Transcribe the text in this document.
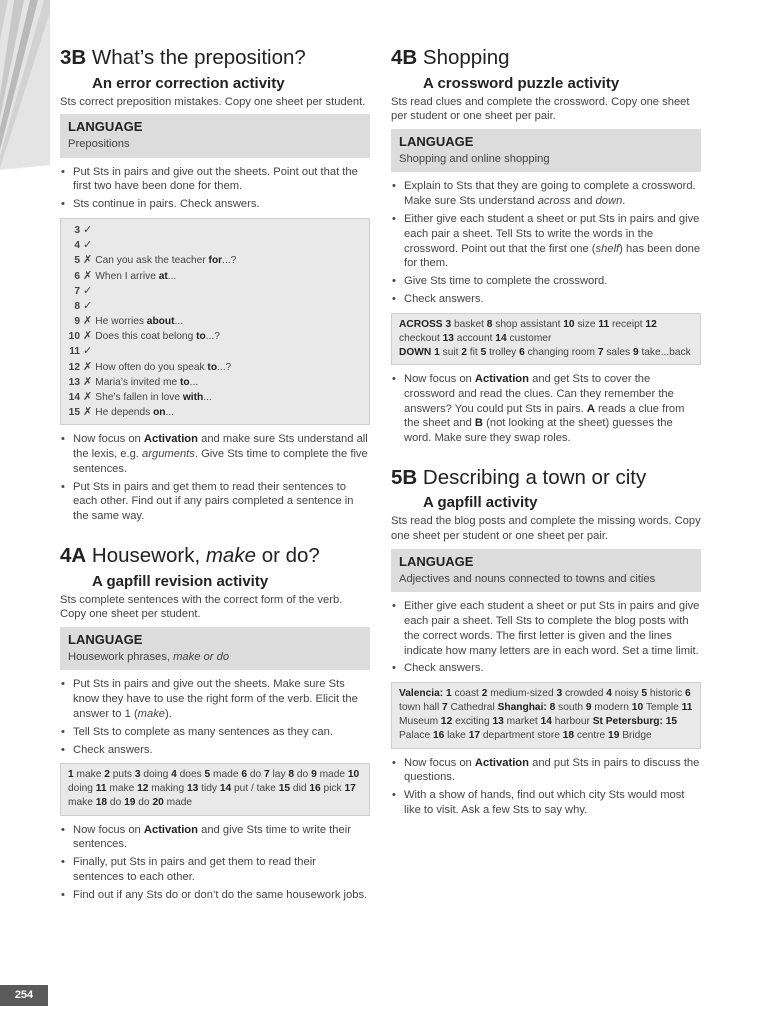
3B What’s the preposition?
An error correction activity

Sts correct preposition mistakes. Copy one sheet per student.

LANGUAGE
Prepositions
• Put Sts in pairs and give out the sheets. Point out that the first two have been done for them.
• Sts continue in pairs. Check answers.
3 ✓
4 ✓
5 ✗ Can you ask the teacher for...?
6 ✗ When I arrive at...
7 ✓
8 ✓
9 ✗ He worries about...
10 ✗ Does this coat belong to...?
11 ✓
12 ✗ How often do you speak to...?
13 ✗ Maria’s invited me to...
14 ✗ She’s fallen in love with...
15 ✗ He depends on...
• Now focus on Activation and make sure Sts understand all the lexis, e.g. arguments. Give Sts time to complete the five sentences.
• Put Sts in pairs and get them to read their sentences to each other. Find out if any pairs completed a sentence in the same way.
4A Housework, make or do?
A gapfill revision activity

Sts complete sentences with the correct form of the verb. Copy one sheet per student.

LANGUAGE
Housework phrases, make or do
• Put Sts in pairs and give out the sheets. Make sure Sts know they have to use the right form of the verb. Elicit the answer to 1 (make).
• Tell Sts to complete as many sentences as they can.
• Check answers.
1 make 2 puts 3 doing 4 does 5 made 6 do 7 lay 8 do 9 made 10 doing 11 make 12 making 13 tidy 14 put / take 15 did 16 pick 17 make 18 do 19 do 20 made
• Now focus on Activation and give Sts time to write their sentences.
• Finally, put Sts in pairs and get them to read their sentences to each other.
• Find out if any Sts do or don’t do the same housework jobs.
4B Shopping
A crossword puzzle activity

Sts read clues and complete the crossword. Copy one sheet per student or one sheet per pair.

LANGUAGE
Shopping and online shopping
• Explain to Sts that they are going to complete a crossword. Make sure Sts understand across and down.
• Either give each student a sheet or put Sts in pairs and give each pair a sheet. Tell Sts to write the words in the crossword. Point out that the first one (shelf) has been done for them.
• Give Sts time to complete the crossword.
• Check answers.
ACROSS 3 basket 8 shop assistant 10 size 11 receipt 12 checkout 13 account 14 customer
DOWN 1 suit 2 fit 5 trolley 6 changing room 7 sales 9 take...back
• Now focus on Activation and get Sts to cover the crossword and read the clues. Can they remember the answers? You could put Sts in pairs. A reads a clue from the sheet and B (not looking at the sheet) guesses the word. Make sure they swap roles.
5B Describing a town or city
A gapfill activity

Sts read the blog posts and complete the missing words. Copy one sheet per student or one sheet per pair.

LANGUAGE
Adjectives and nouns connected to towns and cities
• Either give each student a sheet or put Sts in pairs and give each pair a sheet. Tell Sts to complete the blog posts with the correct words. The first letter is given and the lines indicate how many letters are in each word. Set a time limit.
• Check answers.
Valencia: 1 coast 2 medium-sized 3 crowded 4 noisy 5 historic 6 town hall 7 Cathedral Shanghai: 8 south 9 modern 10 Temple 11 Museum 12 exciting 13 market 14 harbour St Petersburg: 15 Palace 16 lake 17 department store 18 centre 19 Bridge
• Now focus on Activation and put Sts in pairs to discuss the questions.
• With a show of hands, find out which city Sts would most like to visit. Ask a few Sts to say why.
254
